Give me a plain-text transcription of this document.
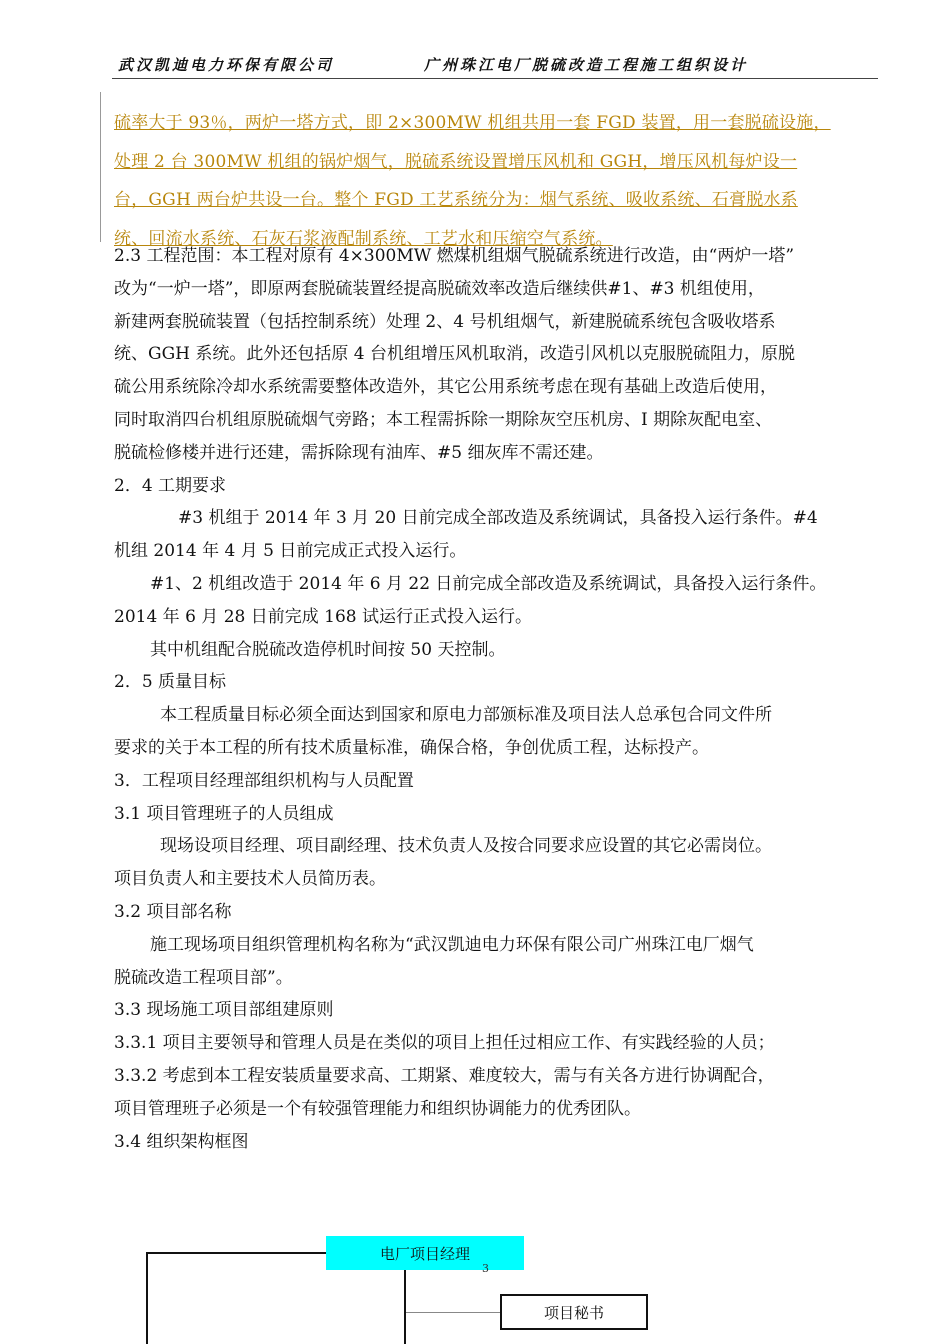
武汉凯迪电力环保有限公司	广州珠江电厂脱硫改造工程施工组织设计
硫率大于 93％，两炉一塔方式，即 2×300MW 机组共用一套 FGD 装置，用一套脱硫设施，
处理 2 台 300MW 机组的锅炉烟气，脱硫系统设置增压风机和 GGH，增压风机每炉设一
台，GGH 两台炉共设一台。整个 FGD 工艺系统分为：烟气系统、吸收系统、石膏脱水系
统、回流水系统、石灰石浆液配制系统、工艺水和压缩空气系统。

2.3 工程范围：本工程对原有 4×300MW 燃煤机组烟气脱硫系统进行改造，由“两炉一塔”

改为“一炉一塔”，即原两套脱硫装置经提高脱硫效率改造后继续供#1、#3 机组使用，

新建两套脱硫装置（包括控制系统）处理 2、4 号机组烟气，新建脱硫系统包含吸收塔系

统、GGH 系统。此外还包括原 4 台机组增压风机取消，改造引风机以克服脱硫阻力，原脱

硫公用系统除冷却水系统需要整体改造外，其它公用系统考虑在现有基础上改造后使用，

同时取消四台机组原脱硫烟气旁路；本工程需拆除一期除灰空压机房、I 期除灰配电室、

脱硫检修楼并进行还建，需拆除现有油库、#5 细灰库不需还建。

2．4 工期要求

#3 机组于 2014 年 3 月 20 日前完成全部改造及系统调试，具备投入运行条件。#4

机组 2014 年 4 月 5 日前完成正式投入运行。

#1、2 机组改造于 2014 年 6 月 22 日前完成全部改造及系统调试，具备投入运行条件。

2014 年 6 月 28 日前完成 168 试运行正式投入运行。

其中机组配合脱硫改造停机时间按 50 天控制。

2．5 质量目标

本工程质量目标必须全面达到国家和原电力部颁标准及项目法人总承包合同文件所

要求的关于本工程的所有技术质量标准，确保合格，争创优质工程，达标投产。

3．工程项目经理部组织机构与人员配置

3.1 项目管理班子的人员组成

现场设项目经理、项目副经理、技术负责人及按合同要求应设置的其它必需岗位。

项目负责人和主要技术人员简历表。

3.2 项目部名称

施工现场项目组织管理机构名称为“武汉凯迪电力环保有限公司广州珠江电厂烟气

脱硫改造工程项目部”。

3.3 现场施工项目部组建原则

3.3.1 项目主要领导和管理人员是在类似的项目上担任过相应工作、有实践经验的人员；

3.3.2 考虑到本工程安装质量要求高、工期紧、难度较大，需与有关各方进行协调配合，

项目管理班子必须是一个有较强管理能力和组织协调能力的优秀团队。

3.4 组织架构框图

电厂项目经理
项目秘书
3
